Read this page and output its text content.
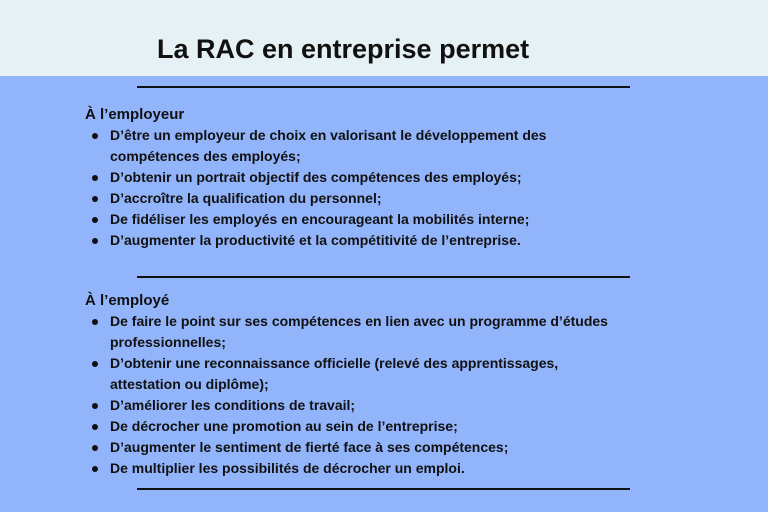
La RAC en entreprise permet
À l’employeur
D’être un employeur de choix en valorisant le développement des
compétences des employés;
D’obtenir un portrait objectif des compétences des employés;
D’accroître la qualification du personnel;
De fidéliser les employés en encourageant la mobilités interne;
D’augmenter la productivité et la compétitivité de l’entreprise.
À l’employé
De faire le point sur ses compétences en lien avec un programme d’études
professionnelles;
D’obtenir une reconnaissance officielle (relevé des apprentissages,
attestation ou diplôme);
D’améliorer les conditions de travail;
De décrocher une promotion au sein de l’entreprise;
D’augmenter le sentiment de fierté face à ses compétences;
De multiplier les possibilités de décrocher un emploi.
